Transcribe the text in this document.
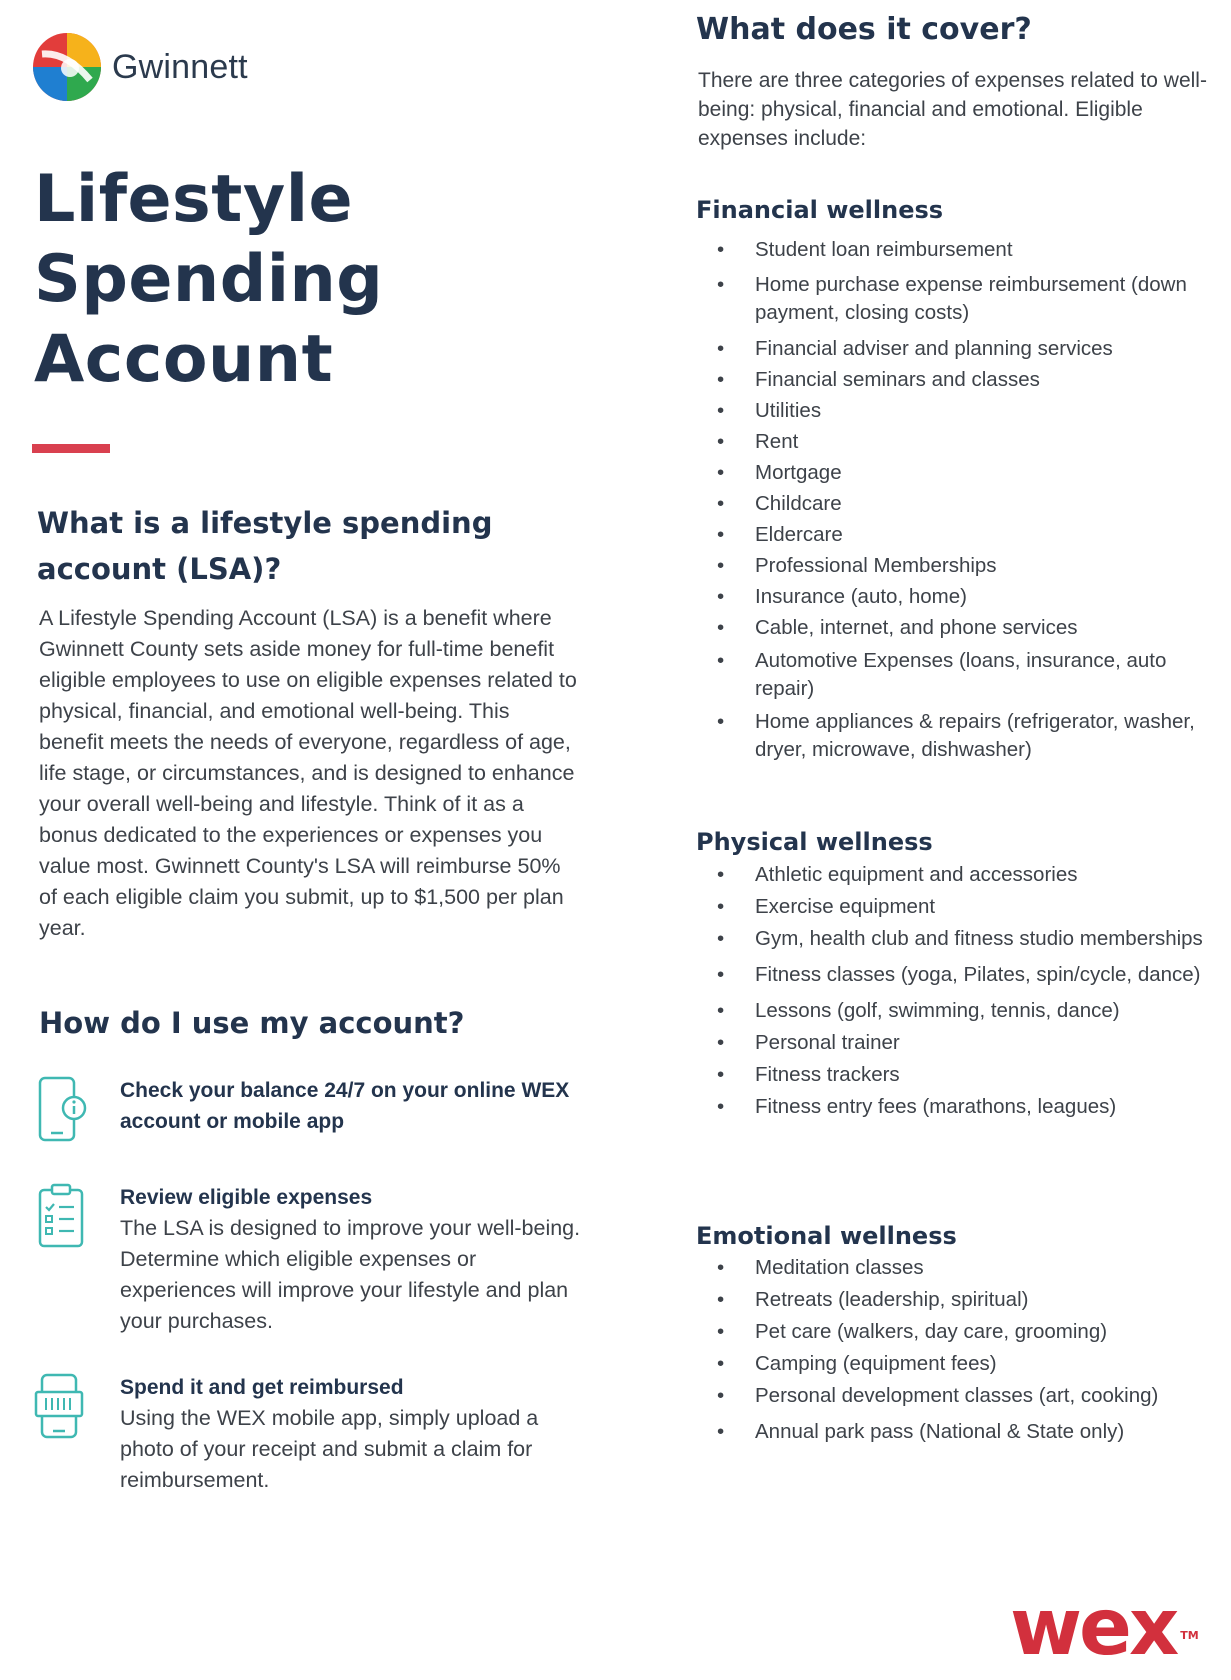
Gwinnett
Lifestyle Spending Account
What is a lifestyle spending account (LSA)?

A Lifestyle Spending Account (LSA) is a benefit where Gwinnett County sets aside money for full-time benefit eligible employees to use on eligible expenses related to physical, financial, and emotional well-being. This benefit meets the needs of everyone, regardless of age, life stage, or circumstances, and is designed to enhance your overall well-being and lifestyle. Think of it as a bonus dedicated to the experiences or expenses you value most. Gwinnett County's LSA will reimburse 50% of each eligible claim you submit, up to $1,500 per plan year.

How do I use my account?
Check your balance 24/7 on your online WEX account or mobile app
Review eligible expenses
The LSA is designed to improve your well-being. Determine which eligible expenses or experiences will improve your lifestyle and plan your purchases.
Spend it and get reimbursed
Using the WEX mobile app, simply upload a photo of your receipt and submit a claim for reimbursement.
What does it cover?

There are three categories of expenses related to well-being: physical, financial and emotional. Eligible expenses include:

Financial wellness
• Student loan reimbursement
• Home purchase expense reimbursement (down payment, closing costs)
• Financial adviser and planning services
• Financial seminars and classes
• Utilities
• Rent
• Mortgage
• Childcare
• Eldercare
• Professional Memberships
• Insurance (auto, home)
• Cable, internet, and phone services
• Automotive Expenses (loans, insurance, auto repair)
• Home appliances & repairs (refrigerator, washer, dryer, microwave, dishwasher)
Physical wellness
• Athletic equipment and accessories
• Exercise equipment
• Gym, health club and fitness studio memberships
• Fitness classes (yoga, Pilates, spin/cycle, dance)
• Lessons (golf, swimming, tennis, dance)
• Personal trainer
• Fitness trackers
• Fitness entry fees (marathons, leagues)
Emotional wellness
• Meditation classes
• Retreats (leadership, spiritual)
• Pet care (walkers, day care, grooming)
• Camping (equipment fees)
• Personal development classes (art, cooking)
• Annual park pass (National & State only)
wex ™
